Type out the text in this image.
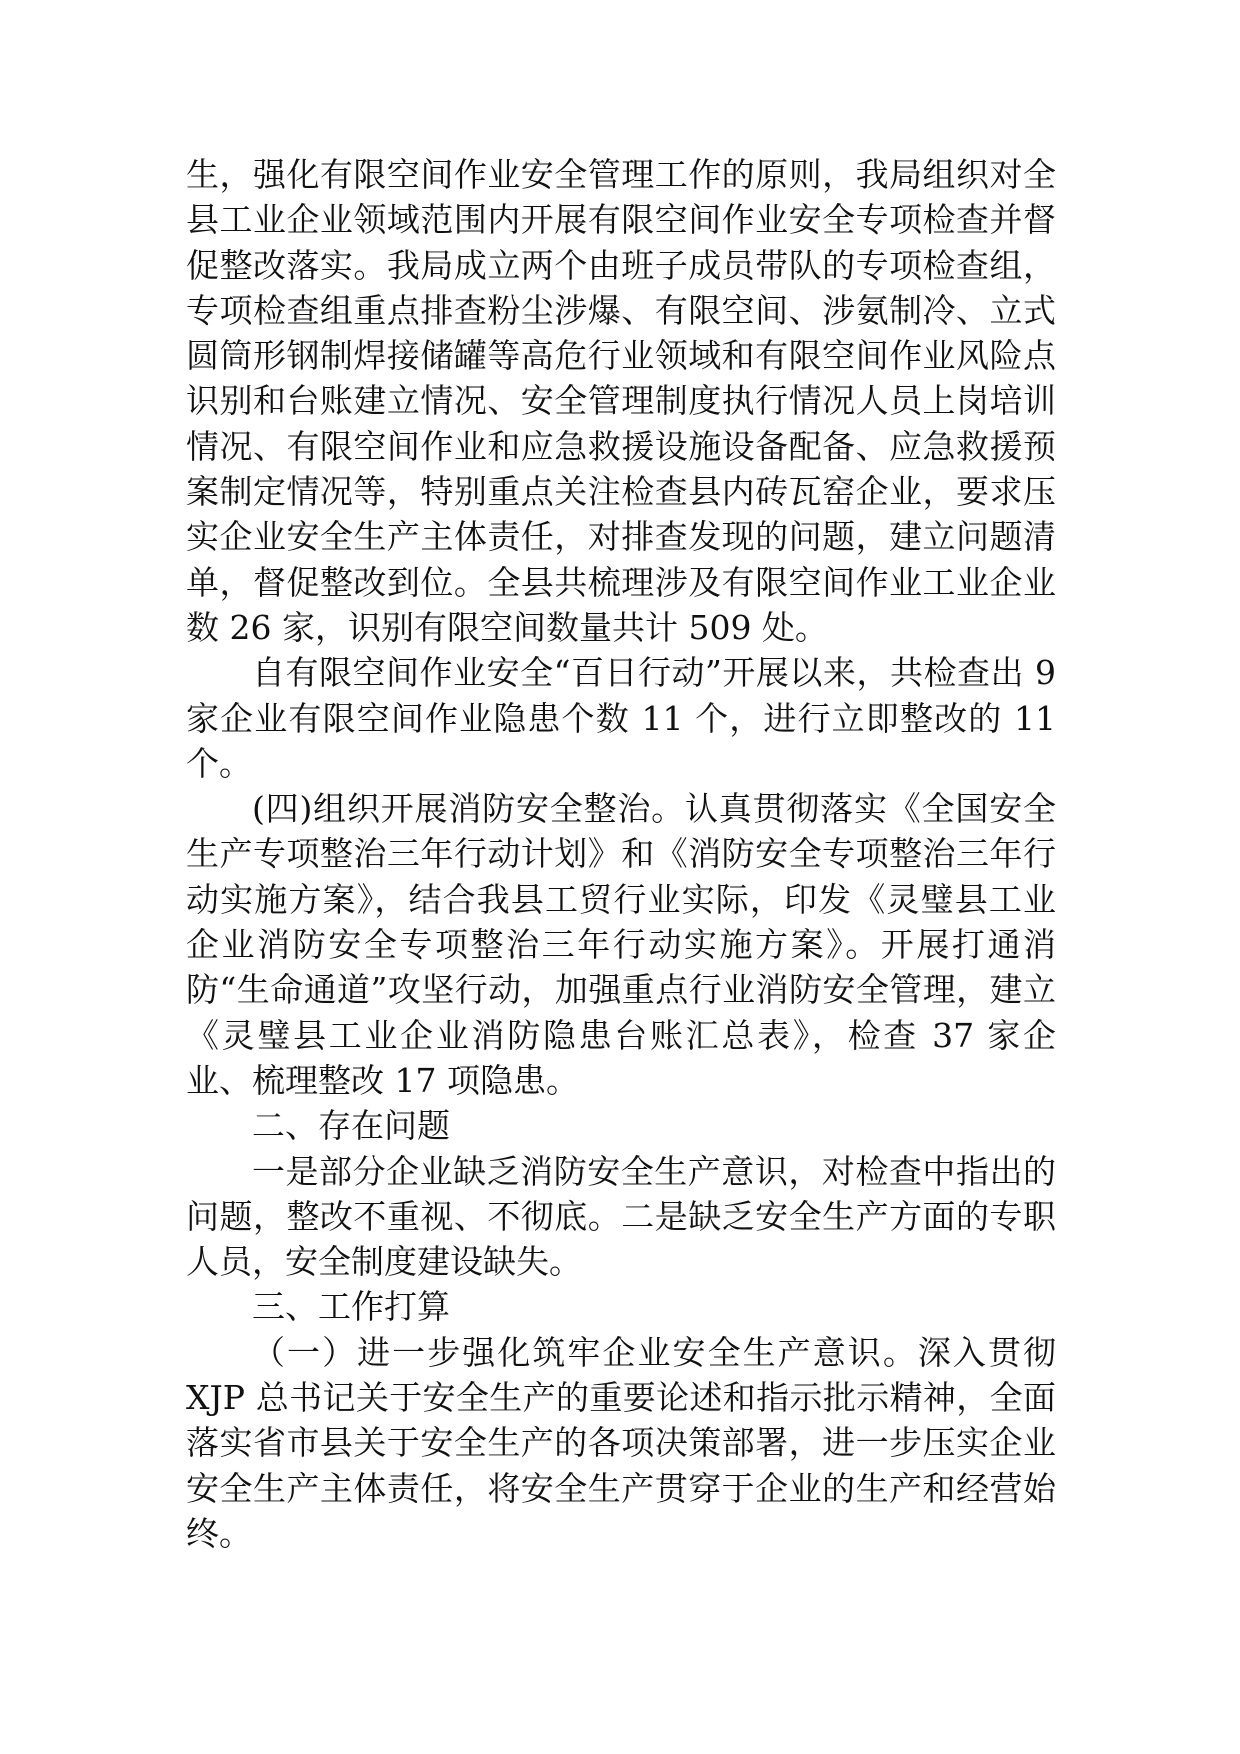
生，强化有限空间作业安全管理工作的原则，我局组织对全县工业企业领域范围内开展有限空间作业安全专项检查并督促整改落实。我局成立两个由班子成员带队的专项检查组，专项检查组重点排查粉尘涉爆、有限空间、涉氨制冷、立式圆筒形钢制焊接储罐等高危行业领域和有限空间作业风险点识别和台账建立情况、安全管理制度执行情况人员上岗培训情况、有限空间作业和应急救援设施设备配备、应急救援预案制定情况等，特别重点关注检查县内砖瓦窑企业，要求压实企业安全生产主体责任，对排查发现的问题，建立问题清单，督促整改到位。全县共梳理涉及有限空间作业工业企业数 26 家，识别有限空间数量共计 509 处。

自有限空间作业安全“百日行动”开展以来，共检查出 9 家企业有限空间作业隐患个数 11 个，进行立即整改的 11 个。

(四)组织开展消防安全整治。认真贯彻落实《全国安全生产专项整治三年行动计划》和《消防安全专项整治三年行动实施方案》，结合我县工贸行业实际，印发《灵璧县工业企业消防安全专项整治三年行动实施方案》。开展打通消防“生命通道”攻坚行动，加强重点行业消防安全管理，建立《灵璧县工业企业消防隐患台账汇总表》，检查 37 家企业、梳理整改 17 项隐患。

二、存在问题

一是部分企业缺乏消防安全生产意识，对检查中指出的问题，整改不重视、不彻底。二是缺乏安全生产方面的专职人员，安全制度建设缺失。

三、工作打算

（一）进一步强化筑牢企业安全生产意识。深入贯彻 XJP 总书记关于安全生产的重要论述和指示批示精神，全面落实省市县关于安全生产的各项决策部署，进一步压实企业安全生产主体责任，将安全生产贯穿于企业的生产和经营始终。
